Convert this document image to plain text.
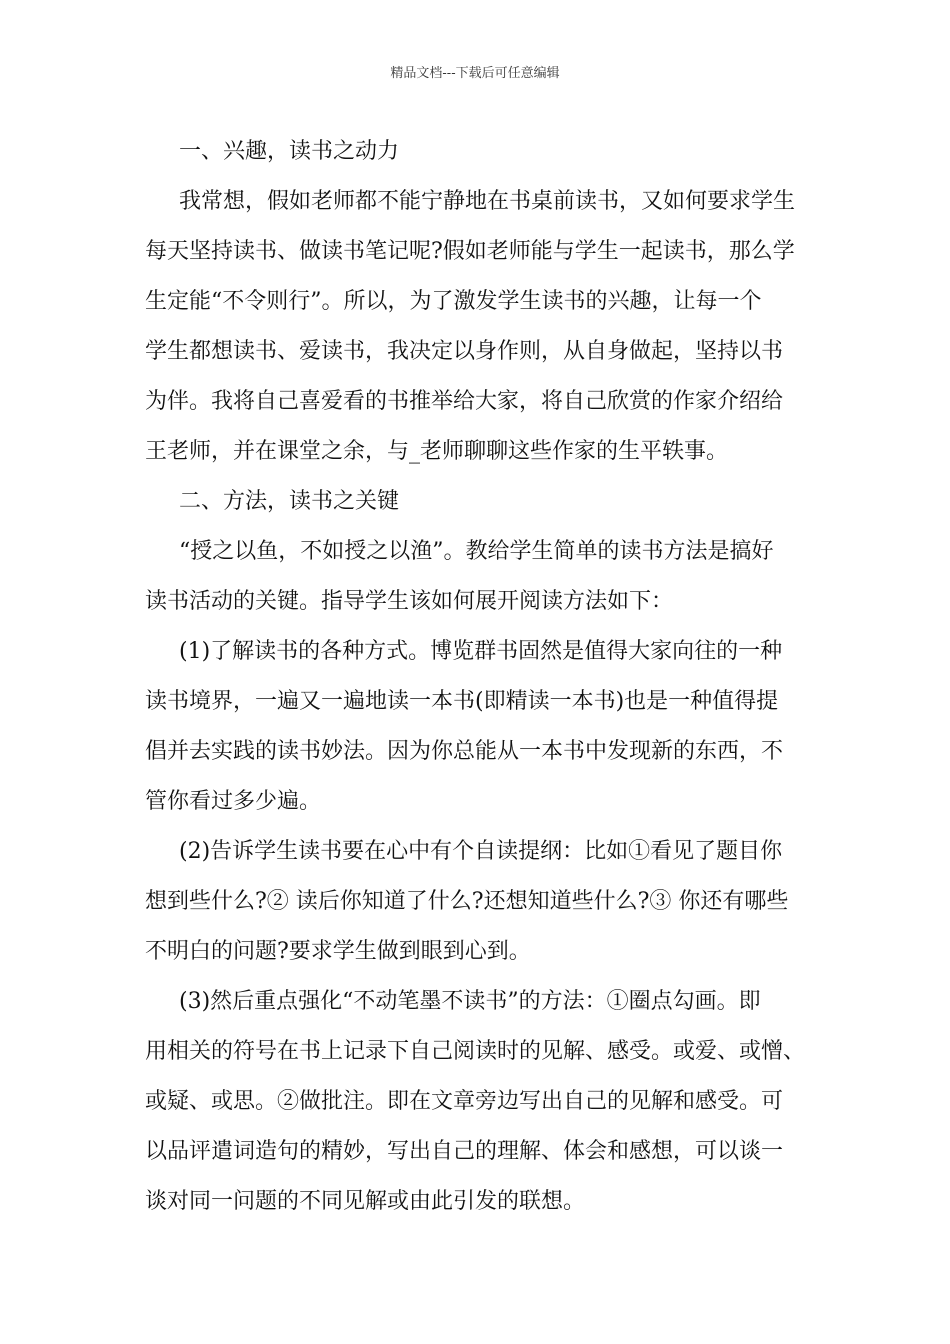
精品文档---下载后可任意编辑
一、兴趣，读书之动力
我常想，假如老师都不能宁静地在书桌前读书，又如何要求学生
每天坚持读书、做读书笔记呢?假如老师能与学生一起读书，那么学
生定能“不令则行”。所以，为了激发学生读书的兴趣，让每一个
学生都想读书、爱读书，我决定以身作则，从自身做起，坚持以书
为伴。我将自己喜爱看的书推举给大家，将自己欣赏的作家介绍给
王老师，并在课堂之余，与_老师聊聊这些作家的生平轶事。
二、方法，读书之关键
“授之以鱼，不如授之以渔”。教给学生简单的读书方法是搞好
读书活动的关键。指导学生该如何展开阅读方法如下：
(1)了解读书的各种方式。博览群书固然是值得大家向往的一种
读书境界，一遍又一遍地读一本书(即精读一本书)也是一种值得提
倡并去实践的读书妙法。因为你总能从一本书中发现新的东西，不
管你看过多少遍。
(2)告诉学生读书要在心中有个自读提纲：比如①看见了题目你
想到些什么?② 读后你知道了什么?还想知道些什么?③ 你还有哪些
不明白的问题?要求学生做到眼到心到。
(3)然后重点强化“不动笔墨不读书”的方法：①圈点勾画。即
用相关的符号在书上记录下自己阅读时的见解、感受。或爱、或憎、
或疑、或思。②做批注。即在文章旁边写出自己的见解和感受。可
以品评遣词造句的精妙，写出自己的理解、体会和感想，可以谈一
谈对同一问题的不同见解或由此引发的联想。
